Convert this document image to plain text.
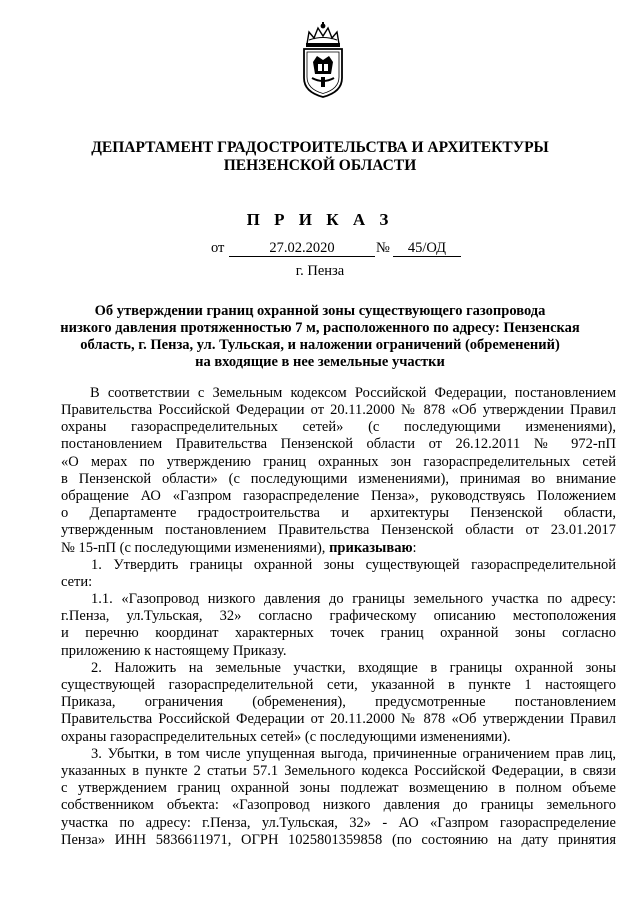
ДЕПАРТАМЕНТ ГРАДОСТРОИТЕЛЬСТВА И АРХИТЕКТУРЫ
ПЕНЗЕНСКОЙ ОБЛАСТИ
П Р И К А З
от	27.02.2020	№	45/ОД
г. Пенза
Об утверждении границ охранной зоны существующего газопровода
низкого давления протяженностью 7 м, расположенного по адресу: Пензенская
область, г. Пенза, ул. Тульская, и наложении ограничений (обременений)
на входящие в нее земельные участки
В соответствии с Земельным кодексом Российской Федерации, постановлением
Правительства Российской Федерации от 20.11.2000 № 878 «Об утверждении Правил
охраны газораспределительных сетей» (с последующими изменениями),
постановлением Правительства Пензенской области от 26.12.2011 № 972-пП
«О мерах по утверждению границ охранных зон газораспределительных сетей
в Пензенской области» (с последующими изменениями), принимая во внимание
обращение АО «Газпром газораспределение Пенза», руководствуясь Положением
о Департаменте градостроительства и архитектуры Пензенской области,
утвержденным постановлением Правительства Пензенской области от 23.01.2017
№ 15-пП (с последующими изменениями), приказываю:
1. Утвердить границы охранной зоны существующей газораспределительной
сети:
1.1. «Газопровод низкого давления до границы земельного участка по адресу:
г.Пенза, ул.Тульская, 32» согласно графическому описанию местоположения
и перечню координат характерных точек границ охранной зоны согласно
приложению к настоящему Приказу.
2. Наложить на земельные участки, входящие в границы охранной зоны
существующей газораспределительной сети, указанной в пункте 1 настоящего
Приказа, ограничения (обременения), предусмотренные постановлением
Правительства Российской Федерации от 20.11.2000 № 878 «Об утверждении Правил
охраны газораспределительных сетей» (с последующими изменениями).
3. Убытки, в том числе упущенная выгода, причиненные ограничением прав лиц,
указанных в пункте 2 статьи 57.1 Земельного кодекса Российской Федерации, в связи
с утверждением границ охранной зоны подлежат возмещению в полном объеме
собственником объекта: «Газопровод низкого давления до границы земельного
участка по адресу: г.Пенза, ул.Тульская, 32» - АО «Газпром газораспределение
Пенза» ИНН 5836611971, ОГРН 1025801359858 (по состоянию на дату принятия
